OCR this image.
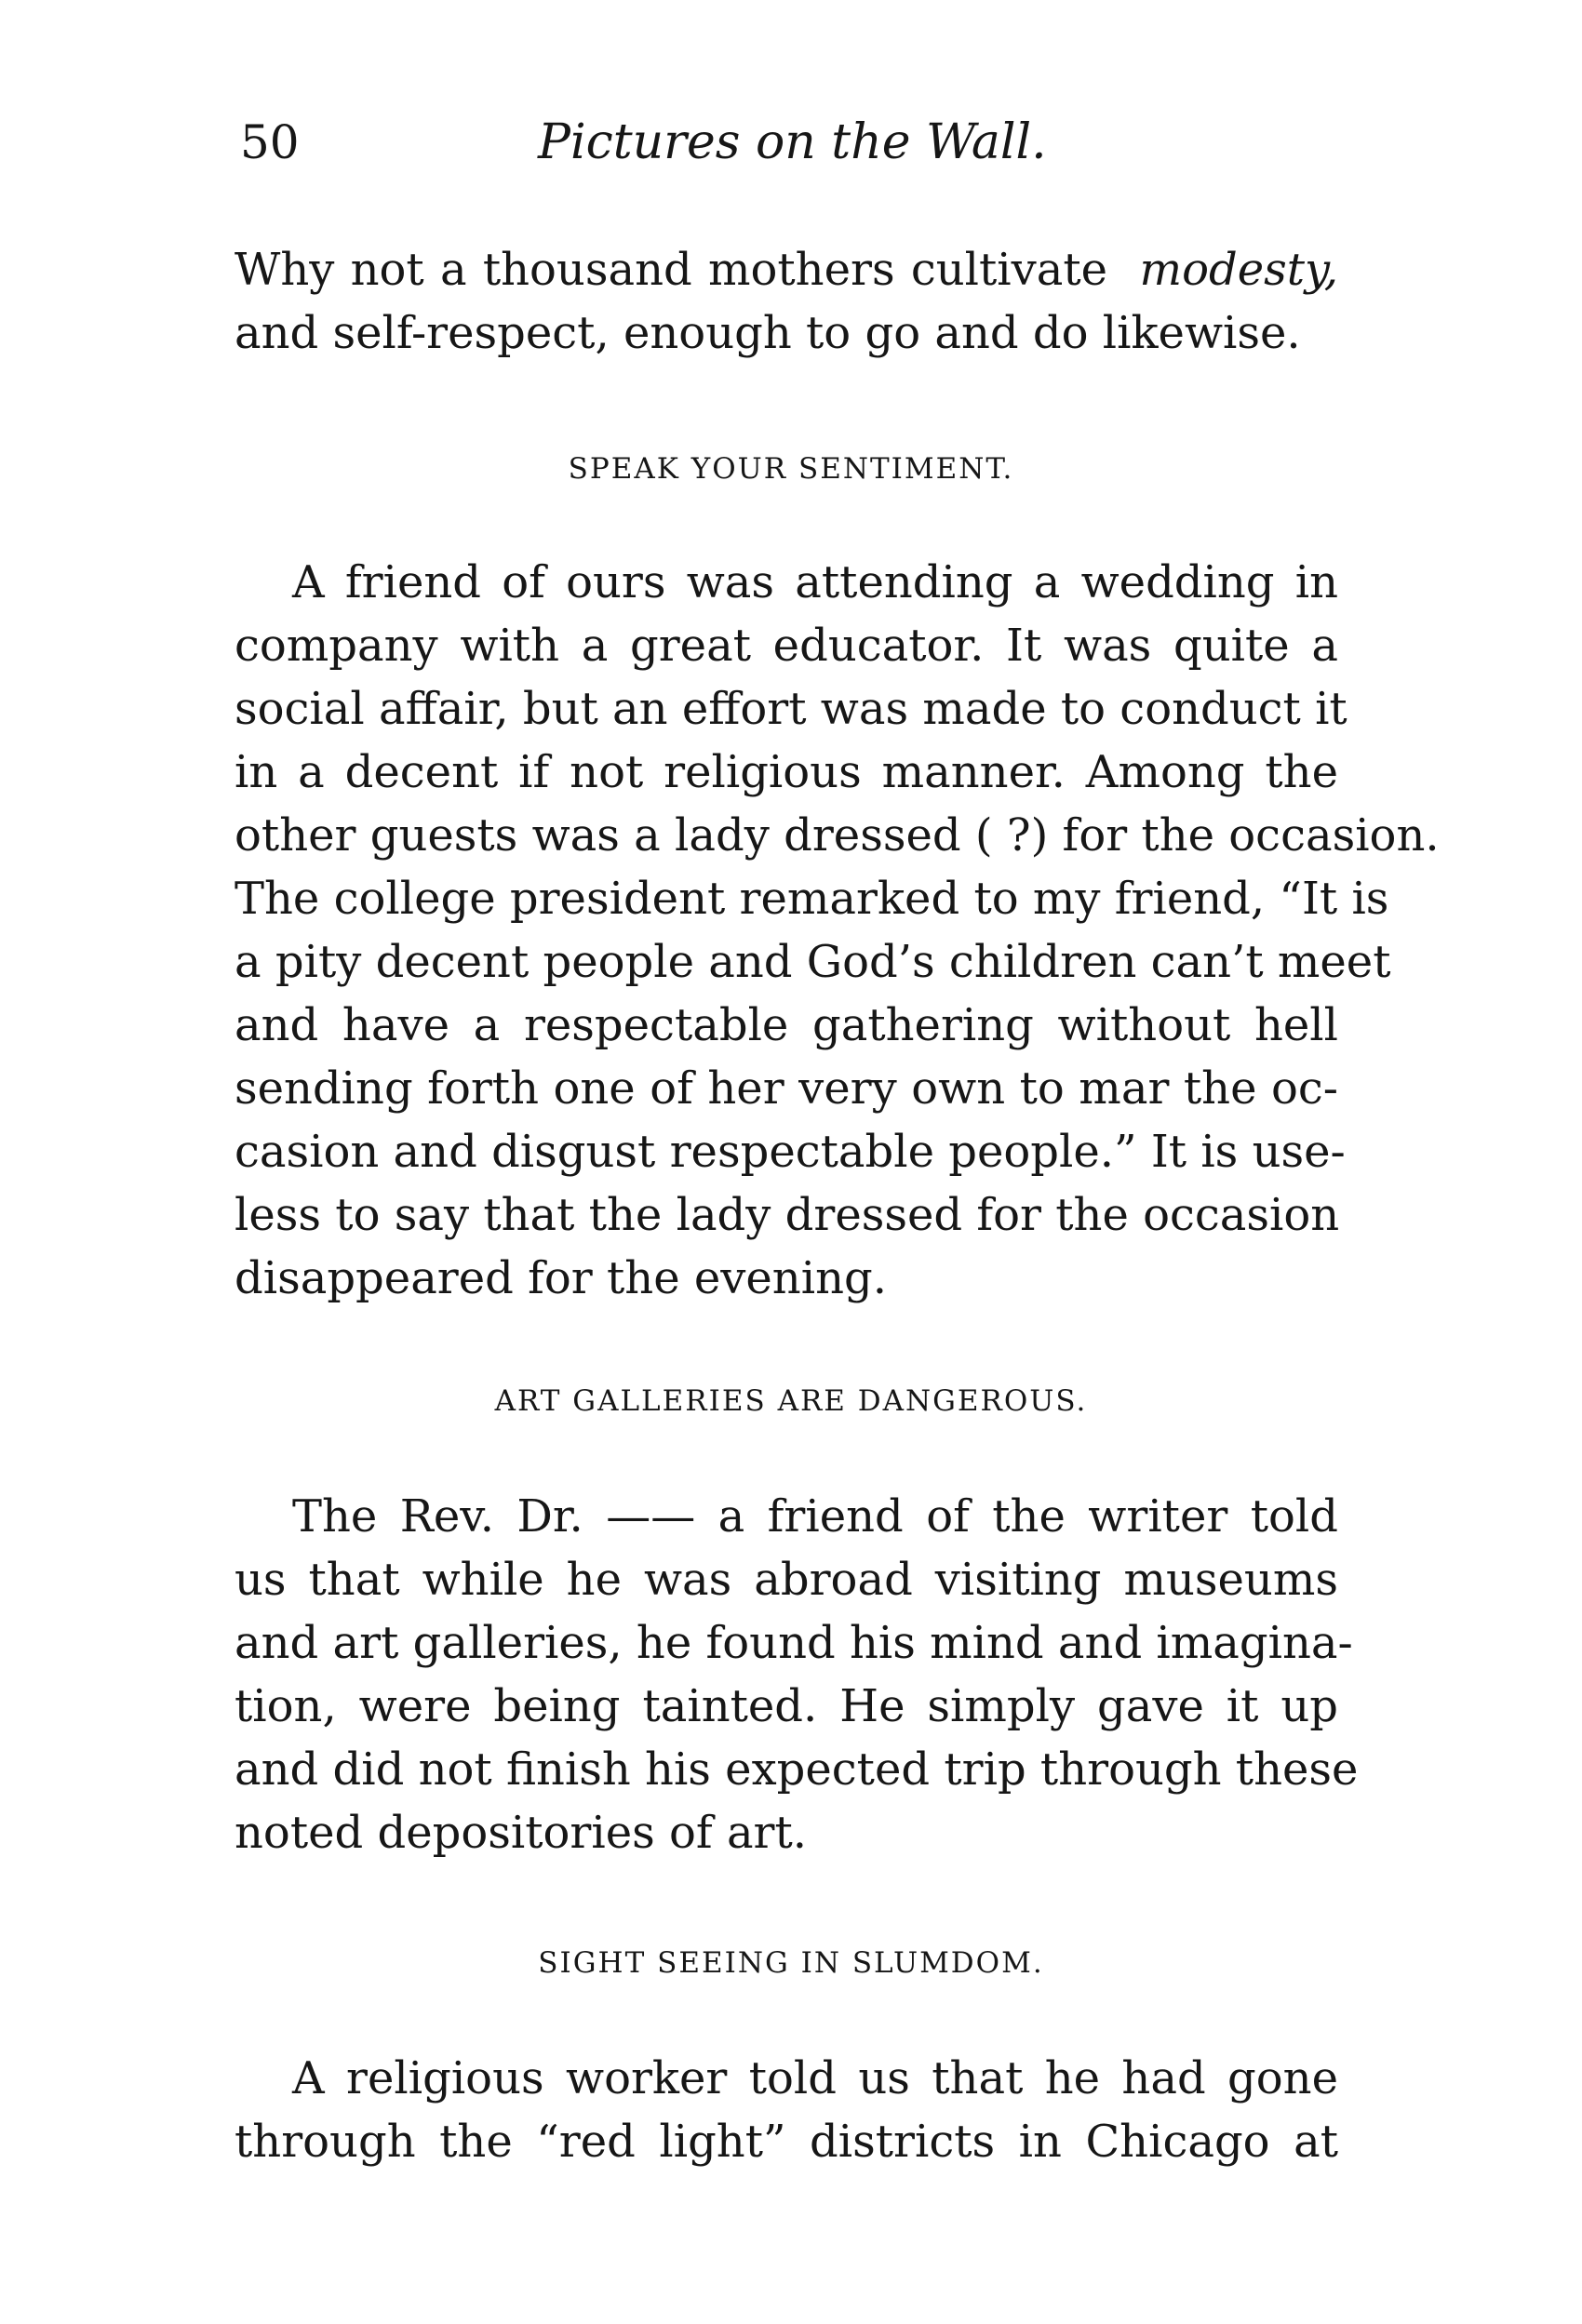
50	Pictures on the Wall.
Why not a thousand mothers cultivate modesty,
and self-respect, enough to go and do likewise.
SPEAK YOUR SENTIMENT.
A friend of ours was attending a wedding in
company with a great educator. It was quite a
social affair, but an effort was made to conduct it
in a decent if not religious manner. Among the
other guests was a lady dressed ( ?) for the occasion.
The college president remarked to my friend, “It is
a pity decent people and God’s children can’t meet
and have a respectable gathering without hell
sending forth one of her very own to mar the oc-
casion and disgust respectable people.” It is use-
less to say that the lady dressed for the occasion
disappeared for the evening.
ART GALLERIES ARE DANGEROUS.
The Rev. Dr. —— a friend of the writer told
us that while he was abroad visiting museums
and art galleries, he found his mind and imagina-
tion, were being tainted. He simply gave it up
and did not finish his expected trip through these
noted depositories of art.
SIGHT SEEING IN SLUMDOM.
A religious worker told us that he had gone
through the “red light” districts in Chicago at
